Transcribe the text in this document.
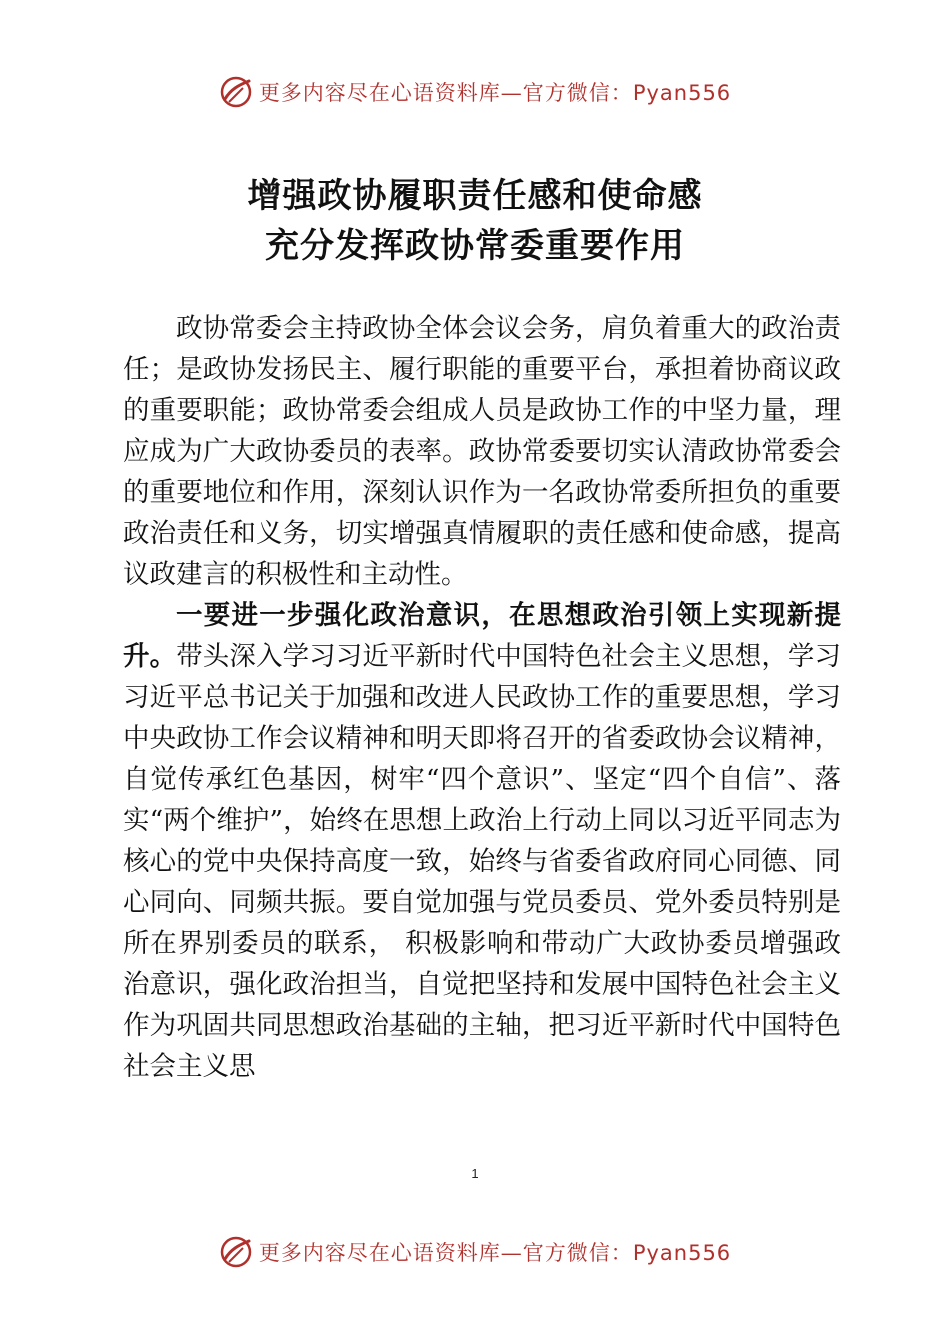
更多内容尽在心语资料库—官方微信：Pyan556
增强政协履职责任感和使命感
充分发挥政协常委重要作用

政协常委会主持政协全体会议会务，肩负着重大的政治责任；是政协发扬民主、履行职能的重要平台，承担着协商议政的重要职能；政协常委会组成人员是政协工作的中坚力量，理应成为广大政协委员的表率。政协常委要切实认清政协常委会的重要地位和作用，深刻认识作为一名政协常委所担负的重要政治责任和义务，切实增强真情履职的责任感和使命感，提高议政建言的积极性和主动性。

一要进一步强化政治意识，在思想政治引领上实现新提升。带头深入学习习近平新时代中国特色社会主义思想，学习习近平总书记关于加强和改进人民政协工作的重要思想，学习中央政协工作会议精神和明天即将召开的省委政协会议精神，自觉传承红色基因，树牢“四个意识”、坚定“四个自信”、落实“两个维护”，始终在思想上政治上行动上同以习近平同志为核心的党中央保持高度一致，始终与省委省政府同心同德、同心同向、同频共振。要自觉加强与党员委员、党外委员特别是所在界别委员的联系， 积极影响和带动广大政协委员增强政治意识，强化政治担当，自觉把坚持和发展中国特色社会主义作为巩固共同思想政治基础的主轴，把习近平新时代中国特色社会主义思

1
更多内容尽在心语资料库—官方微信：Pyan556
